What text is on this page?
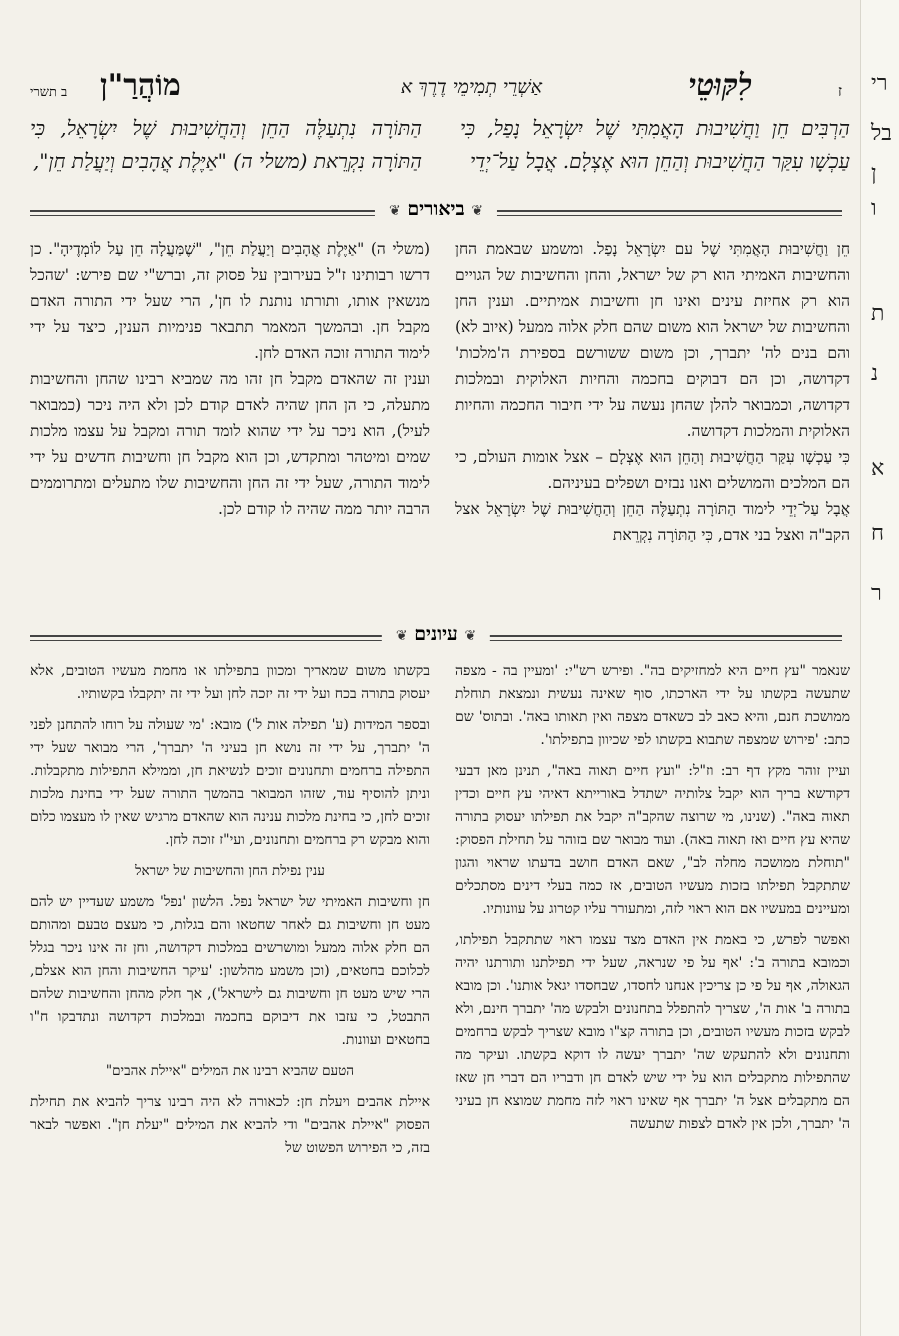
ז
לִקּוּטֵי
אַשְׁרֵי תְמִימֵי דֶרֶךְ א
מוֹהֲרַ"ן
ב תשרי

הַרְבִּים חֵן וַחֲשִׁיבוּת הָאֲמִתִּי שֶׁל יִשְׂרָאֵל נָפַל, כִּי עַכְשָׁו עִקַּר הַחֲשִׁיבוּת וְהַחֵן הוּא אֶצְלָם. אֲבָל עַל־יְדֵי

הַתּוֹרָה נִתְעַלֶּה הַחֵן וְהַחֲשִׁיבוּת שֶׁל יִשְׂרָאֵל, כִּי הַתּוֹרָה נִקְרֵאת (משלי ה) "אַיֶּלֶת אֲהָבִים וְיַעֲלַת חֵן",

❦ ביאורים ❦

חֵן וַחֲשִׁיבוּת הָאֲמִתִּי שֶׁל עם יִשְׂרָאֵל נָפַל. ומשמע שבאמת החן והחשיבות האמיתי הוא רק של ישראל, והחן והחשיבות של הגויים הוא רק אחיזת עינים ואינו חן וחשיבות אמיתיים. וענין החן והחשיבות של ישראל הוא משום שהם חלק אלוה ממעל (איוב לא) והם בנים לה' יתברך, וכן משום ששורשם בספירת ה'מלכות' דקדושה, וכן הם דבוקים בחכמה והחיות האלוקית ובמלכות דקדושה, וכמבואר להלן שהחן נעשה על ידי חיבור החכמה והחיות האלוקית והמלכות דקדושה.

כִּי עַכְשָׁו עִקַּר הַחֲשִׁיבוּת וְהַחֵן הוּא אֶצְלָם – אצל אומות העולם, כי הם המלכים והמושלים ואנו נבזים ושפלים בעיניהם.

אֲבָל עַל־יְדֵי לימוד הַתּוֹרָה נִתְעַלֶּה הַחֵן וְהַחֲשִׁיבוּת שֶׁל יִשְׂרָאֵל אצל הקב"ה ואצל בני אדם, כִּי הַתּוֹרָה נִקְרֵאת

(משלי ה) "אַיֶּלֶת אֲהָבִים וְיַעֲלַת חֵן", "שֶׁמַּעֲלָה חֵן עַל לוֹמְדֶיהָ". כן דרשו רבותינו ז"ל בעירובין על פסוק זה, וברש"י שם פירש: 'שהכל מנשאין אותו, ותורתו נותנת לו חן', הרי שעל ידי התורה האדם מקבל חן. ובהמשך המאמר תתבאר פנימיות הענין, כיצד על ידי לימוד התורה זוכה האדם לחן.

וענין זה שהאדם מקבל חן זהו מה שמביא רבינו שהחן והחשיבות מתעלה, כי הן החן שהיה לאדם קודם לכן ולא היה ניכר (כמבואר לעיל), הוא ניכר על ידי שהוא לומד תורה ומקבל על עצמו מלכות שמים ומיטהר ומתקדש, וכן הוא מקבל חן וחשיבות חדשים על ידי לימוד התורה, שעל ידי זה החן והחשיבות שלו מתעלים ומתרוממים הרבה יותר ממה שהיה לו קודם לכן.

❦ עיונים ❦

שנאמר "עץ חיים היא למחזיקים בה". ופירש רש"י: 'ומעיין בה - מצפה שתעשה בקשתו על ידי הארכתו, סוף שאינה נעשית ונמצאת תוחלת ממושכת חנם, והיא כאב לב כשאדם מצפה ואין תאותו באה'. ובתוס' שם כתב: 'פירוש שמצפה שתבוא בקשתו לפי שכיוון בתפילתו'.

ועיין זוהר מקץ דף רב: וז"ל: "ועץ חיים תאוה באה", תנינן מאן דבעי דקודשא בריך הוא יקבל צלותיה ישתדל באורייתא דאיהי עץ חיים וכדין תאוה באה". (שנינו, מי שרוצה שהקב"ה יקבל את תפילתו יעסוק בתורה שהיא עץ חיים ואז תאוה באה). ועוד מבואר שם בזוהר על תחילת הפסוק: "תוחלת ממושכה מחלה לב", שאם האדם חושב בדעתו שראוי והגון שתתקבל תפילתו בזכות מעשיו הטובים, אז כמה בעלי דינים מסתכלים ומעיינים במעשיו אם הוא ראוי לזה, ומתעורר עליו קטרוג על עוונותיו.

ואפשר לפרש, כי באמת אין האדם מצד עצמו ראוי שתתקבל תפילתו, וכמובא בתורה ב': 'אף על פי שנראה, שעל ידי תפילתנו ותורתנו יהיה הגאולה, אף על פי כן צריכין אנחנו לחסדו, שבחסדו יגאל אותנו'. וכן מובא בתורה ב' אות ה', שצריך להתפלל בתחנונים ולבקש מה' יתברך חינם, ולא לבקש בזכות מעשיו הטובים, וכן בתורה קצ"ו מובא שצריך לבקש ברחמים ותחנונים ולא להתעקש שה' יתברך יעשה לו דוקא בקשתו. ועיקר מה שהתפילות מתקבלים הוא על ידי שיש לאדם חן ודבריו הם דברי חן שאז הם מתקבלים אצל ה' יתברך אף שאינו ראוי לזה מחמת שמוצא חן בעיני ה' יתברך, ולכן אין לאדם לצפות שתעשה

בקשתו משום שמאריך ומכוון בתפילתו או מחמת מעשיו הטובים, אלא יעסוק בתורה בכח ועל ידי זה יזכה לחן ועל ידי זה יתקבלו בקשותיו.

ובספר המידות (ע' תפילה אות ל') מובא: 'מי שעולה על רוחו להתחנן לפני ה' יתברך, על ידי זה נושא חן בעיני ה' יתברך', הרי מבואר שעל ידי התפילה ברחמים ותחנונים זוכים לנשיאת חן, וממילא התפילות מתקבלות. וניתן להוסיף עוד, שזהו המבואר בהמשך התורה שעל ידי בחינת מלכות זוכים לחן, כי בחינת מלכות ענינה הוא שהאדם מרגיש שאין לו מעצמו כלום והוא מבקש רק ברחמים ותחנונים, ועי"ז זוכה לחן.

ענין נפילת החן והחשיבות של ישראל

חן וחשיבות האמיתי של ישראל נפל. הלשון 'נפל' משמע שעדיין יש להם מעט חן וחשיבות גם לאחר שחטאו והם בגלות, כי מעצם טבעם ומהותם הם חלק אלוה ממעל ומושרשים במלכות דקדושה, וחן זה אינו ניכר בגלל לכלוכם בחטאים, (וכן משמע מהלשון: 'עיקר החשיבות והחן הוא אצלם, הרי שיש מעט חן וחשיבות גם לישראל'), אך חלק מהחן והחשיבות שלהם התבטל, כי עזבו את דיבוקם בחכמה ובמלכות דקדושה ונתדבקו ח"ו בחטאים ועוונות.

הטעם שהביא רבינו את המילים "איילת אהבים"

איילת אהבים ויעלת חן: לכאורה לא היה רבינו צריך להביא את תחילת הפסוק "איילת אהבים" ודי להביא את המילים "יעלת חן". ואפשר לבאר בזה, כי הפירוש הפשוט של

רי
בל
ן
ו
ת
נ
א
ח
ר
